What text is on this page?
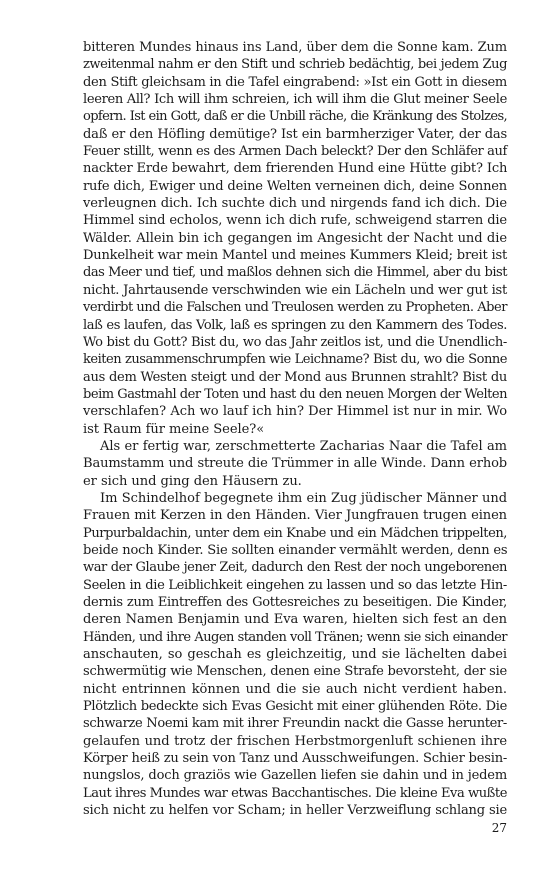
bitteren Mundes hinaus ins Land, über dem die Sonne kam. Zum
zweitenmal nahm er den Stift und schrieb bedächtig, bei jedem Zug
den Stift gleichsam in die Tafel eingrabend: »Ist ein Gott in diesem
leeren All? Ich will ihm schreien, ich will ihm die Glut meiner Seele
opfern. Ist ein Gott, daß er die Unbill räche, die Kränkung des Stolzes,
daß er den Höfling demütige? Ist ein barmherziger Vater, der das
Feuer stillt, wenn es des Armen Dach beleckt? Der den Schläfer auf
nackter Erde bewahrt, dem frierenden Hund eine Hütte gibt? Ich
rufe dich, Ewiger und deine Welten verneinen dich, deine Sonnen
verleugnen dich. Ich suchte dich und nirgends fand ich dich. Die
Himmel sind echolos, wenn ich dich rufe, schweigend starren die
Wälder. Allein bin ich gegangen im Angesicht der Nacht und die
Dunkelheit war mein Mantel und meines Kummers Kleid; breit ist
das Meer und tief, und maßlos dehnen sich die Himmel, aber du bist
nicht. Jahrtausende verschwinden wie ein Lächeln und wer gut ist
verdirbt und die Falschen und Treulosen werden zu Propheten. Aber
laß es laufen, das Volk, laß es springen zu den Kammern des Todes.
Wo bist du Gott? Bist du, wo das Jahr zeitlos ist, und die Unendlich-
keiten zusammenschrumpfen wie Leichname? Bist du, wo die Sonne
aus dem Westen steigt und der Mond aus Brunnen strahlt? Bist du
beim Gastmahl der Toten und hast du den neuen Morgen der Welten
verschlafen? Ach wo lauf ich hin? Der Himmel ist nur in mir. Wo
ist Raum für meine Seele?«
Als er fertig war, zerschmetterte Zacharias Naar die Tafel am
Baumstamm und streute die Trümmer in alle Winde. Dann erhob
er sich und ging den Häusern zu.
Im Schindelhof begegnete ihm ein Zug jüdischer Männer und
Frauen mit Kerzen in den Händen. Vier Jungfrauen trugen einen
Purpurbaldachin, unter dem ein Knabe und ein Mädchen trippelten,
beide noch Kinder. Sie sollten einander vermählt werden, denn es
war der Glaube jener Zeit, dadurch den Rest der noch ungeborenen
Seelen in die Leiblichkeit eingehen zu lassen und so das letzte Hin-
dernis zum Eintreffen des Gottesreiches zu beseitigen. Die Kinder,
deren Namen Benjamin und Eva waren, hielten sich fest an den
Händen, und ihre Augen standen voll Tränen; wenn sie sich einander
anschauten, so geschah es gleichzeitig, und sie lächelten dabei
schwermütig wie Menschen, denen eine Strafe bevorsteht, der sie
nicht entrinnen können und die sie auch nicht verdient haben.
Plötzlich bedeckte sich Evas Gesicht mit einer glühenden Röte. Die
schwarze Noemi kam mit ihrer Freundin nackt die Gasse herunter-
gelaufen und trotz der frischen Herbstmorgenluft schienen ihre
Körper heiß zu sein von Tanz und Ausschweifungen. Schier besin-
nungslos, doch graziös wie Gazellen liefen sie dahin und in jedem
Laut ihres Mundes war etwas Bacchantisches. Die kleine Eva wußte
sich nicht zu helfen vor Scham; in heller Verzweiflung schlang sie
27
